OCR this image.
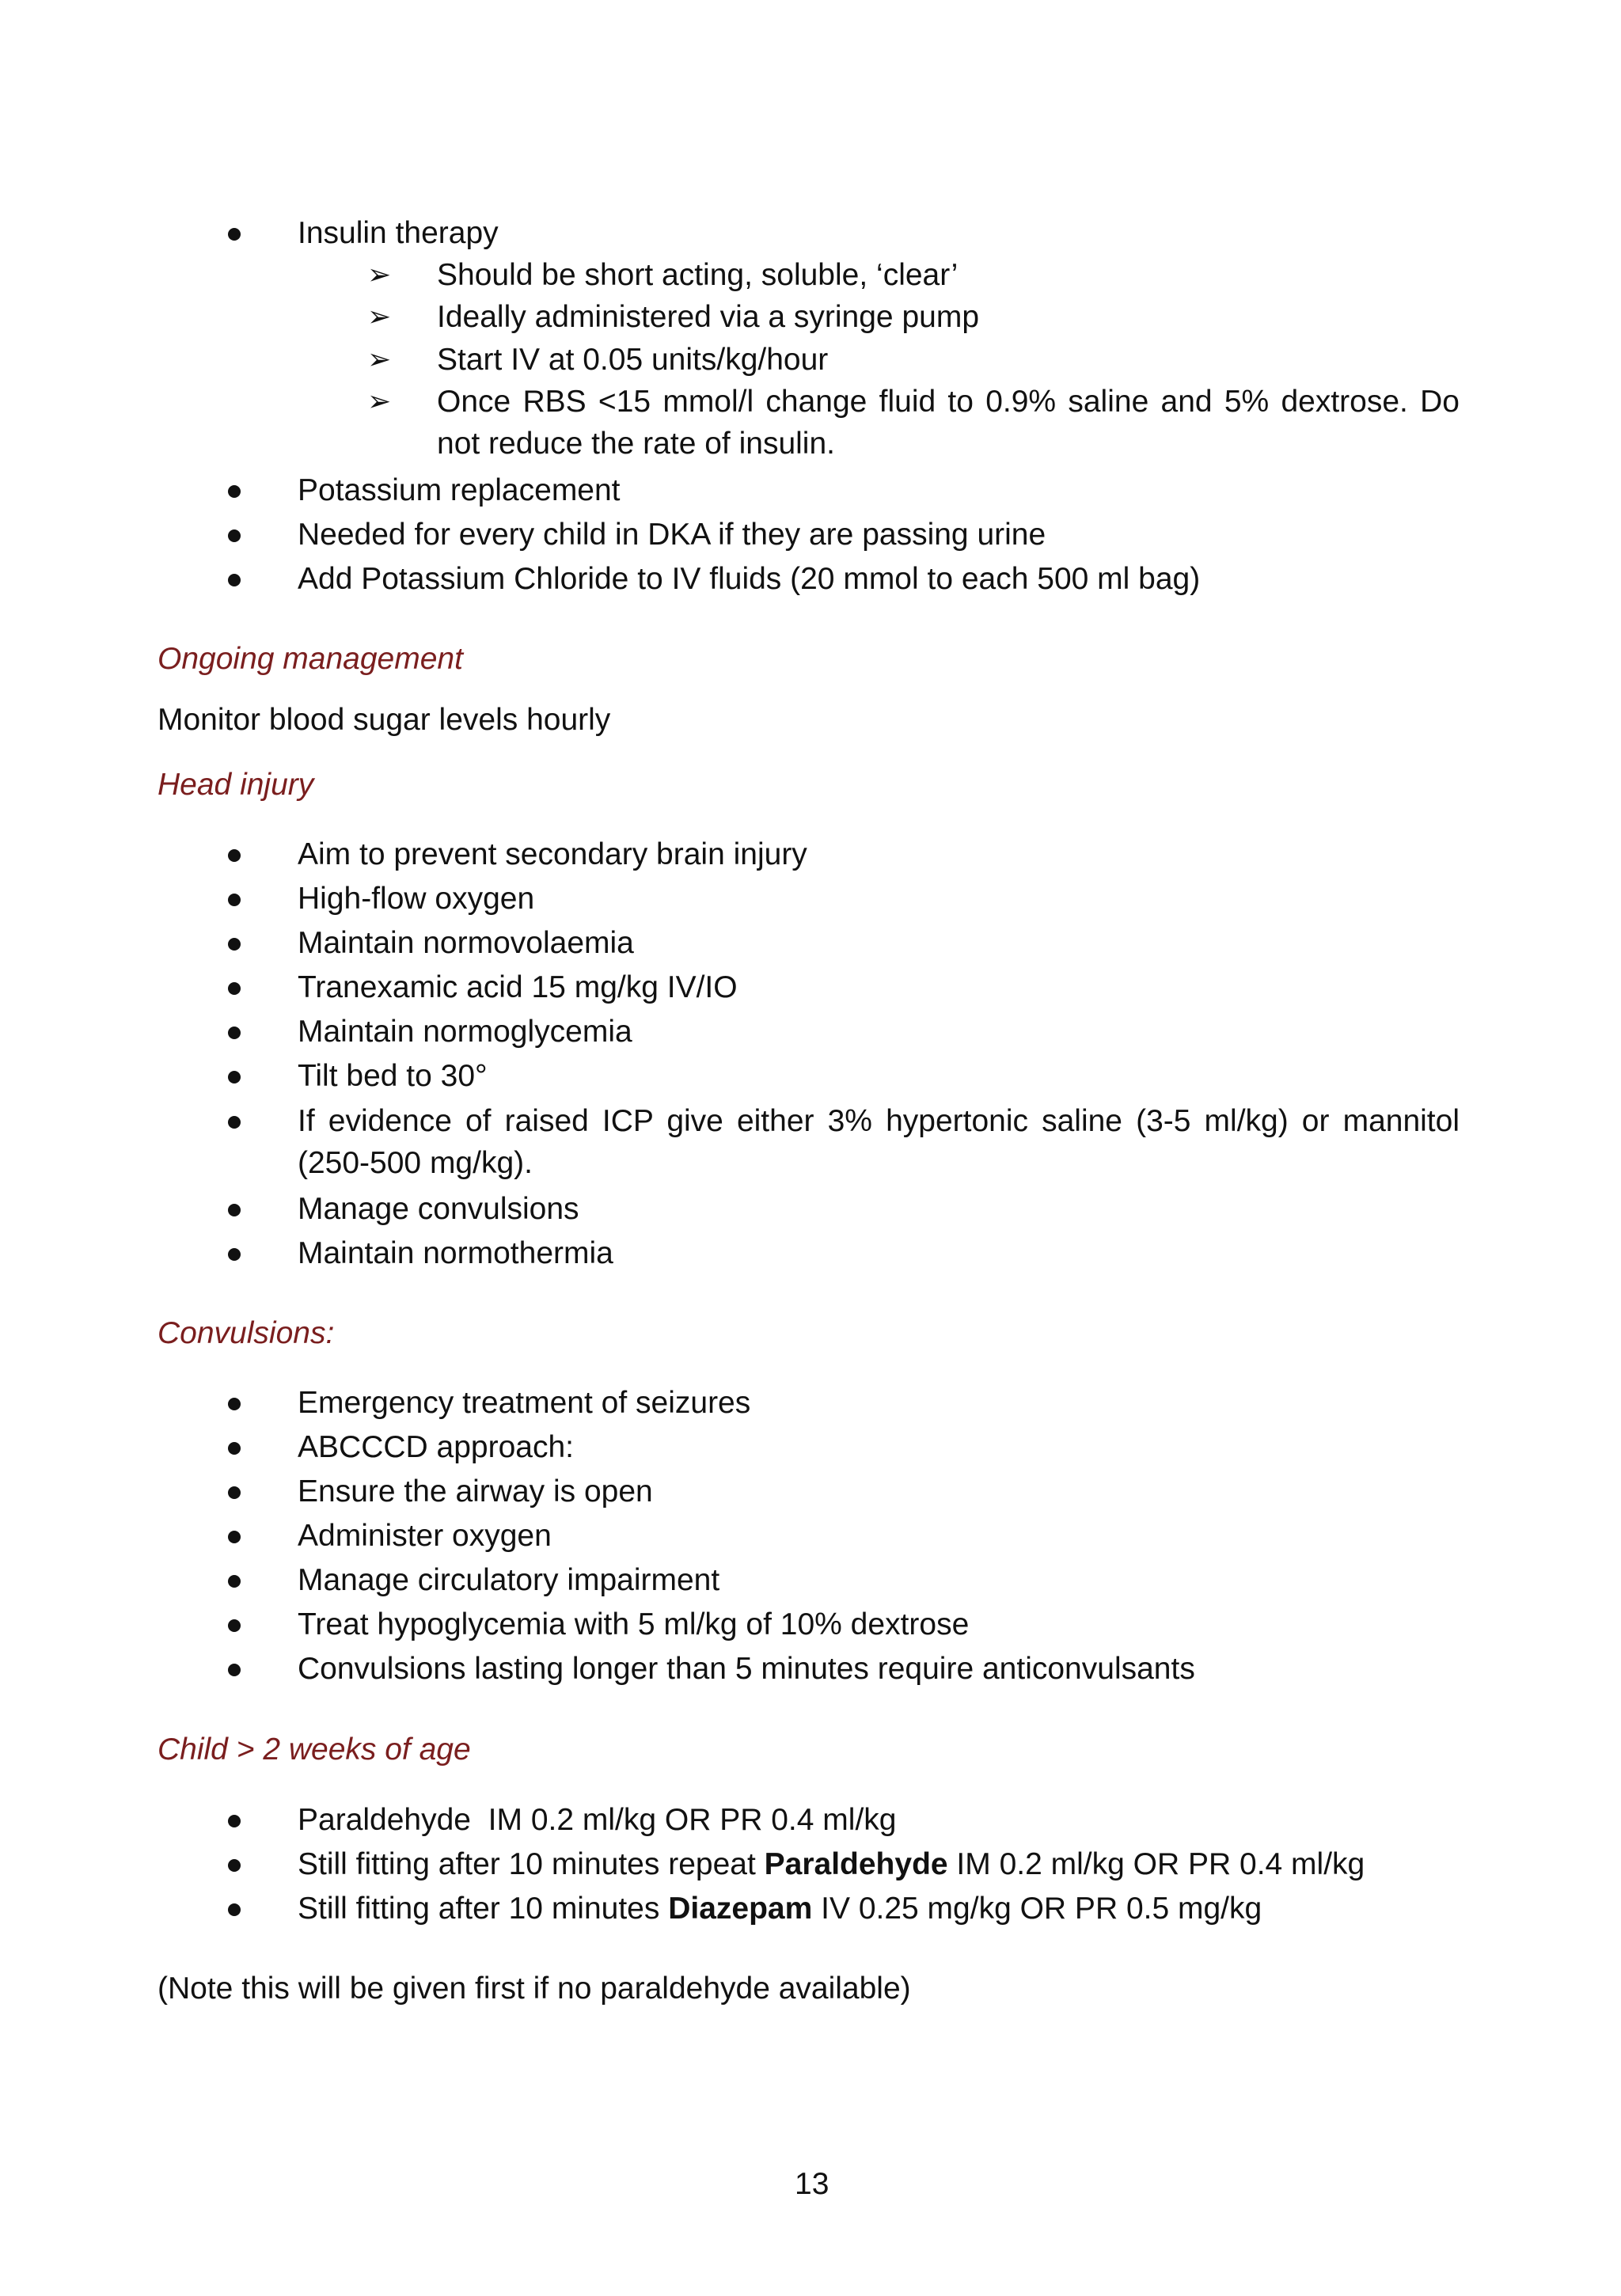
Insulin therapy
➢ Should be short acting, soluble, ‘clear’
➢ Ideally administered via a syringe pump
➢ Start IV at 0.05 units/kg/hour
➢ Once RBS <15 mmol/l change fluid to 0.9% saline and 5% dextrose. Do
not reduce the rate of insulin.
Potassium replacement
Needed for every child in DKA if they are passing urine
Add Potassium Chloride to IV fluids (20 mmol to each 500 ml bag)
Ongoing management
Monitor blood sugar levels hourly
Head injury
Aim to prevent secondary brain injury
High-flow oxygen
Maintain normovolaemia
Tranexamic acid 15 mg/kg IV/IO
Maintain normoglycemia
Tilt bed to 30°
If evidence of raised ICP give either 3% hypertonic saline (3-5 ml/kg) or mannitol
(250-500 mg/kg).
Manage convulsions
Maintain normothermia
Convulsions:
Emergency treatment of seizures
ABCCCD approach:
Ensure the airway is open
Administer oxygen
Manage circulatory impairment
Treat hypoglycemia with 5 ml/kg of 10% dextrose
Convulsions lasting longer than 5 minutes require anticonvulsants
Child > 2 weeks of age
Paraldehyde  IM 0.2 ml/kg OR PR 0.4 ml/kg
Still fitting after 10 minutes repeat Paraldehyde IM 0.2 ml/kg OR PR 0.4 ml/kg
Still fitting after 10 minutes Diazepam IV 0.25 mg/kg OR PR 0.5 mg/kg
(Note this will be given first if no paraldehyde available)
13
